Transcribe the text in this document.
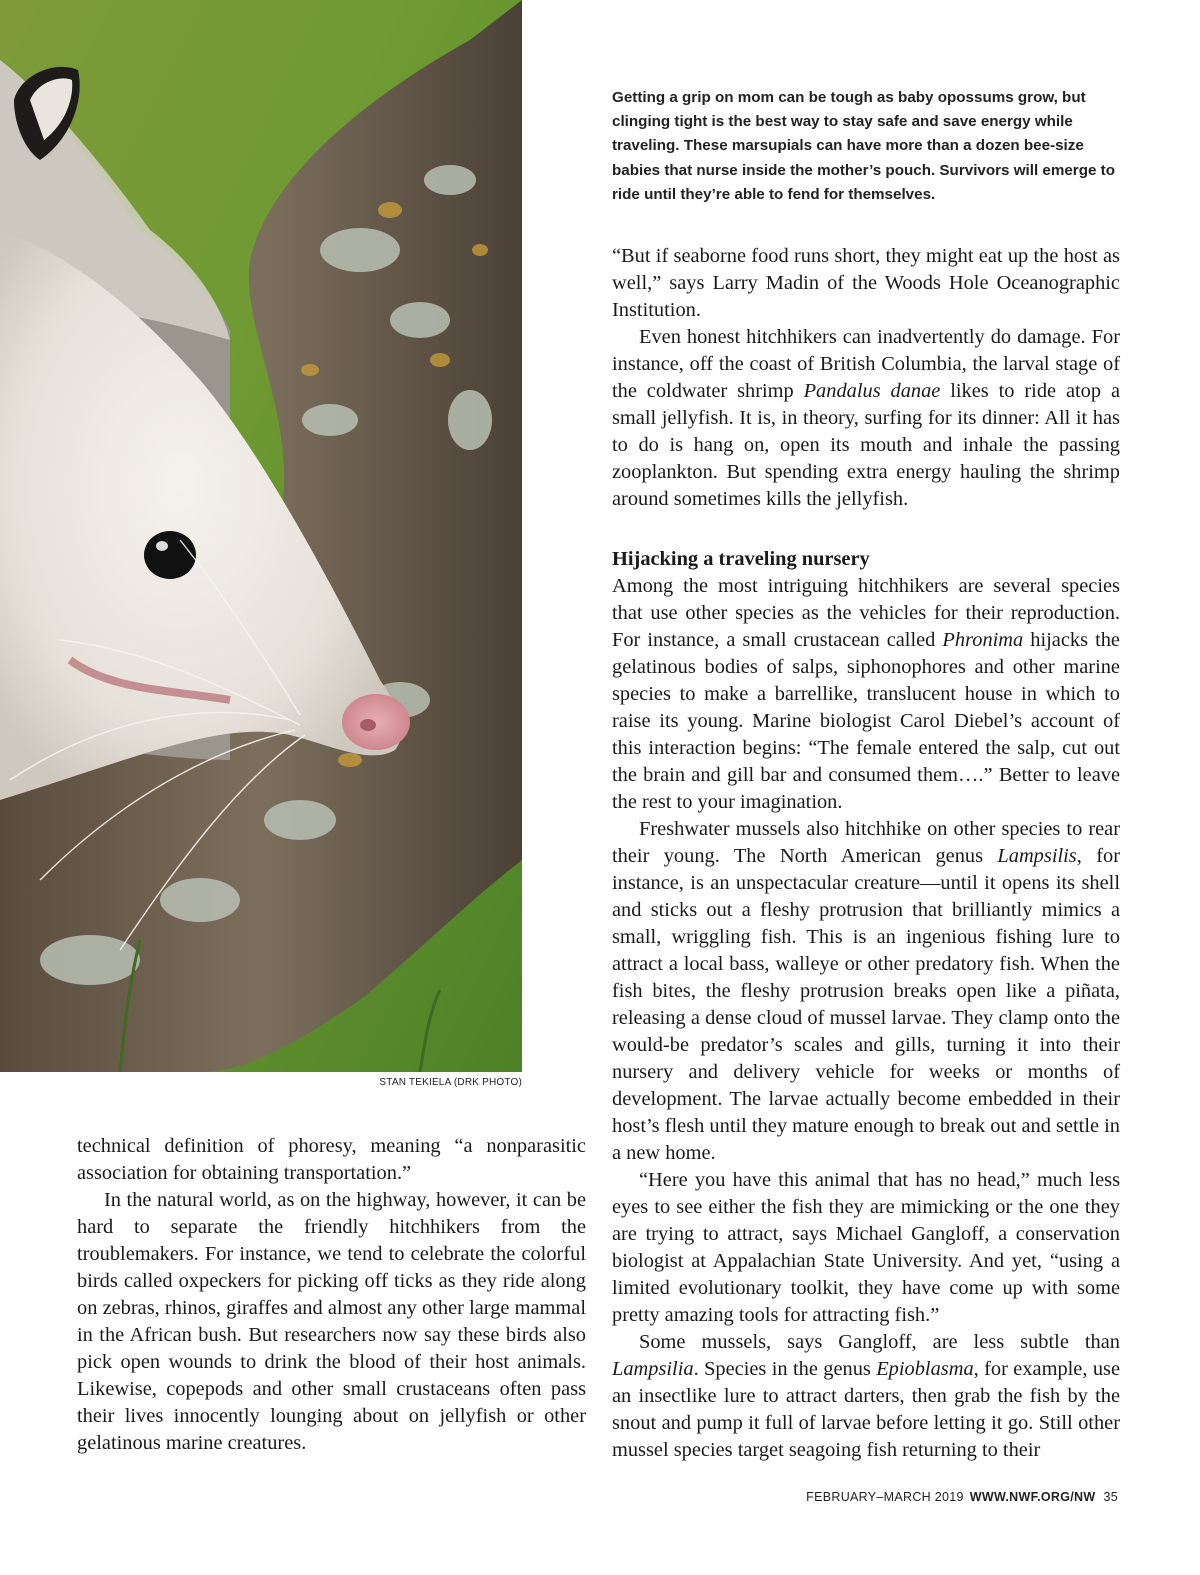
STAN TEKIELA (DRK PHOTO)
Getting a grip on mom can be tough as baby opossums grow, but clinging tight is the best way to stay safe and save energy while traveling. These marsupials can have more than a dozen bee-size babies that nurse inside the mother’s pouch. Survivors will emerge to ride until they’re able to fend for themselves.

technical definition of phoresy, meaning “a nonparasitic association for obtaining transportation.”

In the natural world, as on the highway, however, it can be hard to separate the friendly hitchhikers from the troublemakers. For instance, we tend to celebrate the colorful birds called oxpeckers for picking off ticks as they ride along on zebras, rhinos, giraffes and almost any other large mammal in the African bush. But researchers now say these birds also pick open wounds to drink the blood of their host animals. Likewise, copepods and other small crustaceans often pass their lives innocently lounging about on jellyfish or other gelatinous marine creatures.

“But if seaborne food runs short, they might eat up the host as well,” says Larry Madin of the Woods Hole Oceanographic Institution.

Even honest hitchhikers can inadvertently do damage. For instance, off the coast of British Columbia, the larval stage of the coldwater shrimp Pandalus danae likes to ride atop a small jellyfish. It is, in theory, surfing for its dinner: All it has to do is hang on, open its mouth and inhale the passing zooplankton. But spending extra energy hauling the shrimp around sometimes kills the jellyfish.

Hijacking a traveling nursery

Among the most intriguing hitchhikers are several species that use other species as the vehicles for their reproduction. For instance, a small crustacean called Phronima hijacks the gelatinous bodies of salps, siphonophores and other marine species to make a barrellike, translucent house in which to raise its young. Marine biologist Carol Diebel’s account of this interaction begins: “The female entered the salp, cut out the brain and gill bar and consumed them….” Better to leave the rest to your imagination.

Freshwater mussels also hitchhike on other species to rear their young. The North American genus Lampsilis, for instance, is an unspectacular creature—until it opens its shell and sticks out a fleshy protrusion that brilliantly mimics a small, wriggling fish. This is an ingenious fishing lure to attract a local bass, walleye or other predatory fish. When the fish bites, the fleshy protrusion breaks open like a piñata, releasing a dense cloud of mussel larvae. They clamp onto the would-be predator’s scales and gills, turning it into their nursery and delivery vehicle for weeks or months of development. The larvae actually become embedded in their host’s flesh until they mature enough to break out and settle in a new home.

“Here you have this animal that has no head,” much less eyes to see either the fish they are mimicking or the one they are trying to attract, says Michael Gangloff, a conservation biologist at Appalachian State University. And yet, “using a limited evolutionary toolkit, they have come up with some pretty amazing tools for attracting fish.”

Some mussels, says Gangloff, are less subtle than Lampsilia. Species in the genus Epioblasma, for example, use an insectlike lure to attract darters, then grab the fish by the snout and pump it full of larvae before letting it go. Still other mussel species target seagoing fish returning to their

FEBRUARY–MARCH 2019 WWW.NWF.ORG/NW 35
